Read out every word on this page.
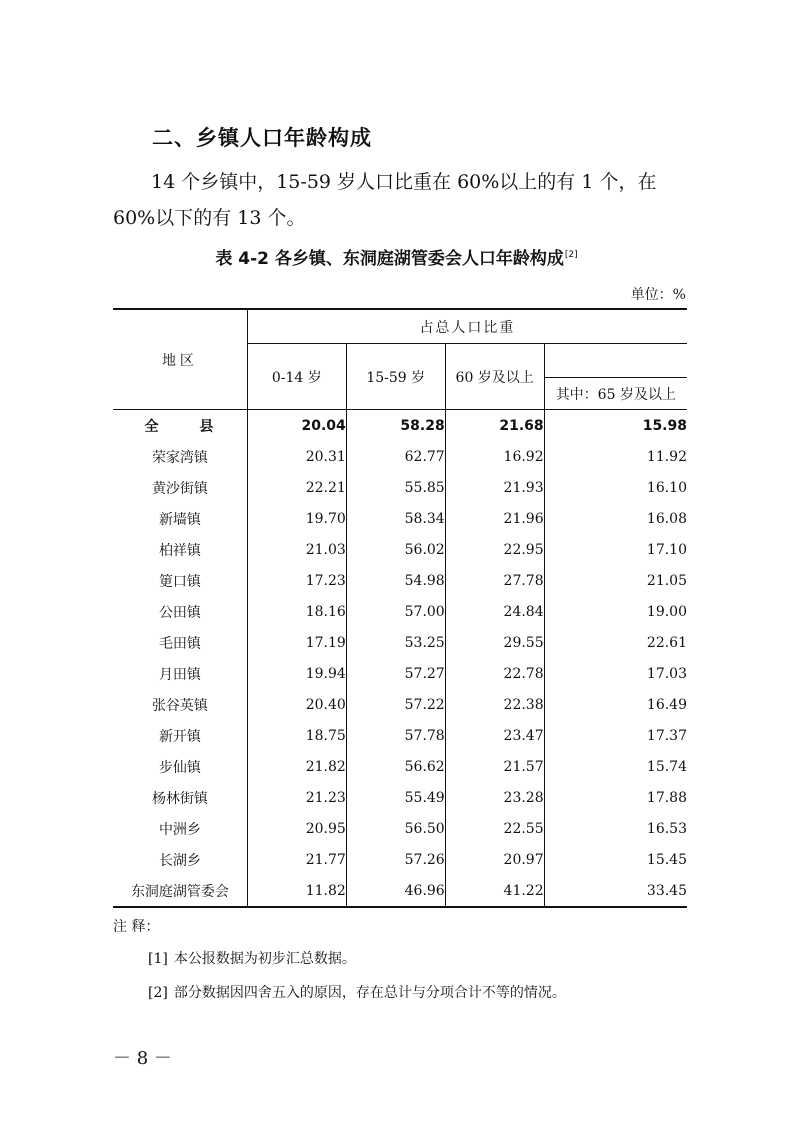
二、乡镇人口年龄构成
14 个乡镇中，15-59 岁人口比重在 60%以上的有 1 个，在
60%以下的有 13 个。
表 4-2 各乡镇、东洞庭湖管委会人口年龄构成[2]
单位：%
地区	占总人口比重			
	0-14 岁	15-59 岁	60 岁及以上	
				其中：65 岁及以上
全 县	20.04	58.28	21.68	15.98
荣家湾镇	20.31	62.77	16.92	11.92
黄沙街镇	22.21	55.85	21.93	16.10
新墙镇	19.70	58.34	21.96	16.08
柏祥镇	21.03	56.02	22.95	17.10
筻口镇	17.23	54.98	27.78	21.05
公田镇	18.16	57.00	24.84	19.00
毛田镇	17.19	53.25	29.55	22.61
月田镇	19.94	57.27	22.78	17.03
张谷英镇	20.40	57.22	22.38	16.49
新开镇	18.75	57.78	23.47	17.37
步仙镇	21.82	56.62	21.57	15.74
杨林街镇	21.23	55.49	23.28	17.88
中洲乡	20.95	56.50	22.55	16.53
长湖乡	21.77	57.26	20.97	15.45
东洞庭湖管委会	11.82	46.96	41.22	33.45
注 释：
[1] 本公报数据为初步汇总数据。
[2] 部分数据因四舍五入的原因，存在总计与分项合计不等的情况。
－ 8 －
